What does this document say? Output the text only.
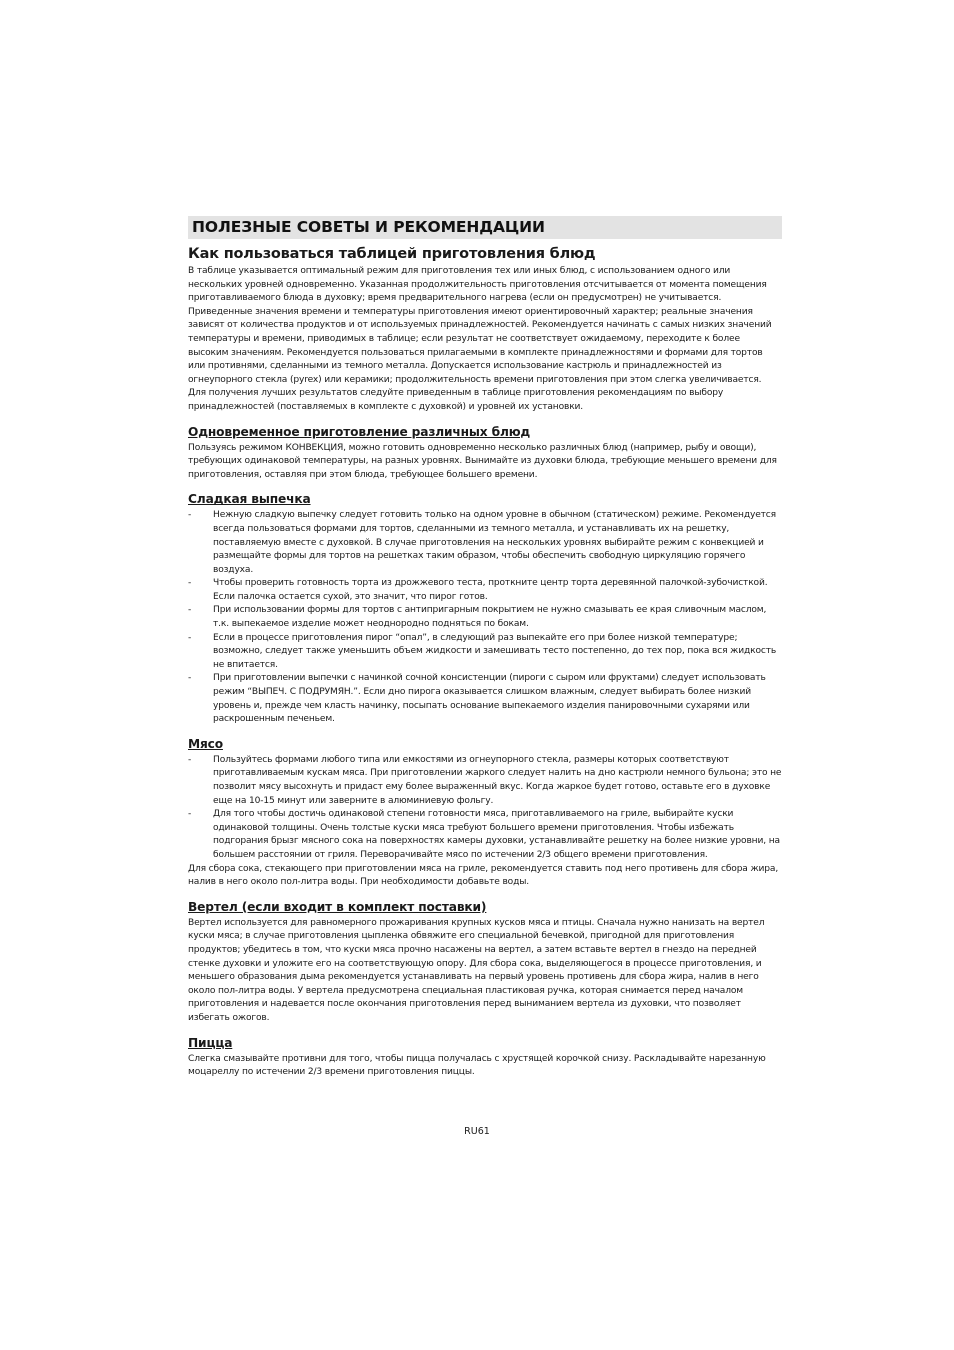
ПОЛЕЗНЫЕ СОВЕТЫ И РЕКОМЕНДАЦИИ
Как пользоваться таблицей приготовления блюд

В таблице указывается оптимальный режим для приготовления тех или иных блюд, с использованием одного или нескольких уровней одновременно. Указанная продолжительность приготовления отсчитывается от момента помещения приготавливаемого блюда в духовку; время предварительного нагрева (если он предусмотрен) не учитывается. Приведенные значения времени и температуры приготовления имеют ориентировочный характер; реальные значения зависят от количества продуктов и от используемых принадлежностей. Рекомендуется начинать с самых низких значений температуры и времени, приводимых в таблице; если результат не соответствует ожидаемому, переходите к более высоким значениям. Рекомендуется пользоваться прилагаемыми в комплекте принадлежностями и формами для тортов или противнями, сделанными из темного металла. Допускается использование кастрюль и принадлежностей из огнеупорного стекла (pyrex) или керамики; продолжительность времени приготовления при этом слегка увеличивается. Для получения лучших результатов следуйте приведенным в таблице приготовления рекомендациям по выбору принадлежностей (поставляемых в комплекте с духовкой) и уровней их установки.

Одновременное приготовление различных блюд

Пользуясь режимом КОНВЕКЦИЯ, можно готовить одновременно несколько различных блюд (например, рыбу и овощи), требующих одинаковой температуры, на разных уровнях. Вынимайте из духовки блюда, требующие меньшего времени для приготовления, оставляя при этом блюда, требующее большего времени.

Сладкая выпечка
- Нежную сладкую выпечку следует готовить только на одном уровне в обычном (статическом) режиме. Рекомендуется всегда пользоваться формами для тортов, сделанными из темного металла, и устанавливать их на решетку, поставляемую вместе с духовкой. В случае приготовления на нескольких уровнях выбирайте режим с конвекцией и размещайте формы для тортов на решетках таким образом, чтобы обеспечить свободную циркуляцию горячего воздуха.
- Чтобы проверить готовность торта из дрожжевого теста, проткните центр торта деревянной палочкой-зубочисткой. Если палочка остается сухой, это значит, что пирог готов.
- При использовании формы для тортов с антипригарным покрытием не нужно смазывать ее края сливочным маслом, т.к. выпекаемое изделие может неодноpодно подняться по бокам.
- Если в процессе приготовления пирог “опал”, в следующий раз выпекайте его при более низкой температуре; возможно, следует также уменьшить объем жидкости и замешивать тесто постепенно, до тех пор, пока вся жидкость не впитается.
- При приготовлении выпечки с начинкой сочной консистенции (пироги с сыром или фруктами) следует использовать режим “ВЫПЕЧ. С ПОДРУМЯН.”. Если дно пирога оказывается слишком влажным, следует выбирать более низкий уровень и, прежде чем класть начинку, посыпать основание выпекаемого изделия панировочными сухарями или раскрошенным печеньем.
Мясо
- Пользуйтесь формами любого типа или емкостями из огнеупорного стекла, размеры которых соответствуют приготавливаемым кускам мяса. При приготовлении жаркого следует налить на дно кастрюли немного бульона; это не позволит мясу высохнуть и придаст ему более выраженный вкус. Когда жаркое будет готово, оставьте его в духовке еще на 10-15 минут или заверните в алюминиевую фольгу.
- Для того чтобы достичь одинаковой степени готовности мяса, приготавливаемого на гриле, выбирайте куски одинаковой толщины. Очень толстые куски мяса требуют большего времени приготовления. Чтобы избежать подгорания брызг мясного сока на поверхностях камеры духовки, устанавливайте решетку на более низкие уровни, на большем расстоянии от гриля. Переворачивайте мясо по истечении 2/3 общего времени приготовления.

Для сбора сока, стекающего при приготовлении мяса на гриле, рекомендуется ставить под него противень для сбора жира, налив в него около пол-литра воды. При необходимости добавьте воды.

Вертел (если входит в комплект поставки)

Вертел используется для равномерного прожаривания крупных кусков мяса и птицы. Сначала нужно нанизать на вертел куски мяса; в случае приготовления цыпленка обвяжите его специальной бечевкой, пригодной для приготовления продуктов; убедитесь в том, что куски мяса прочно насажены на вертел, а затем вставьте вертел в гнездо на передней стенке духовки и уложите его на соответствующую опору. Для сбора сока, выделяющегося в процессе приготовления, и меньшего образования дыма рекомендуется устанавливать на первый уровень противень для сбора жира, налив в него около пол-литра воды. У вертела предусмотрена специальная пластиковая ручка, которая снимается перед началом приготовления и надевается после окончания приготовления перед выниманием вертела из духовки, что позволяет избегать ожогов.

Пицца

Слегка смазывайте противни для того, чтобы пицца получалась с хрустящей корочкой снизу. Раскладывайте нарезанную моцареллу по истечении 2/3 времени приготовления пиццы.

RU61
